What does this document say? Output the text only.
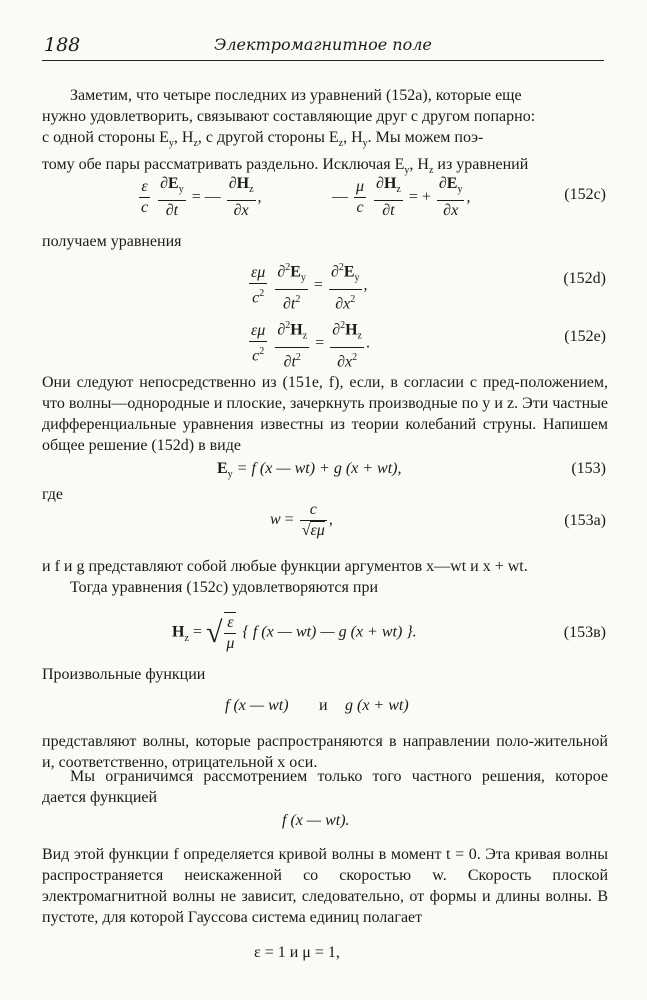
188	Электромагнитное поле
Заметим, что четыре последних из уравнений (152а), которые еще
нужно удовлетворить, связывают составляющие друг с другом попарно:
с одной стороны $E_y$, $H_z$, с другой стороны $E_z$, $H_y$. Мы можем поэ-
тому обе пары рассматривать раздельно. Исключая $E_y$, $H_z$ из уравнений
$\frac{\varepsilon}{c}$
$\frac{\partial E_y}{\partial t}$ = — $\frac{\partial H_z}{\partial x}$ ,	— $\frac{\mu}{c}$
$\frac{\partial H_z}{\partial t}$ = + $\frac{\partial E_y}{\partial x}$ ,	(152с)
получаем уравнения
$\frac{\varepsilon\mu}{c^2}$
$\frac{\partial^2E_y}{\partial t^2} = \frac{\partial^2E_y}{\partial x^2}$ ,	(152d)
$\frac{\varepsilon\mu}{c^2}$
$\frac{\partial^2H_z}{\partial t^2} = \frac{\partial^2H_z}{\partial x^2}$ .	(152е)
Они следуют непосредственно из (151е, f), если, в согласии с пред-положением, что волны—однородные и плоские, зачеркнуть производные по y и z. Эти частные дифференциальные уравнения известны из теории колебаний струны. Напишем общее решение (152d) в виде
$E_y = f$ (x — wt) + g (x + wt),	(153)
где
$w = \frac{c}{√\varepsilon\mu}$ ,	(153а)
и f и g представляют собой любые функции аргументов x—wt и x + wt.
Тогда уравнения (152с) удовлетворяются при
$H_z$ = √ $\frac{\varepsilon}{\mu}$ { f (x — wt) — g (x + wt) }.	(153в)
Произвольные функции
f (x — wt) и g (x + wt)
представляют волны, которые распространяются в направлении поло-жительной и, соответственно, отрицательной x оси.
Мы ограничимся рассмотрением только того частного решения, которое дается функцией
f (x — wt).
Вид этой функции f определяется кривой волны в момент t = 0. Эта кривая волны распространяется неискаженной со скоростью w. Скорость плоской электромагнитной волны не зависит, следовательно, от формы и длины волны. В пустоте, для которой Гауссова система единиц полагает
ε = 1 и μ = 1,
